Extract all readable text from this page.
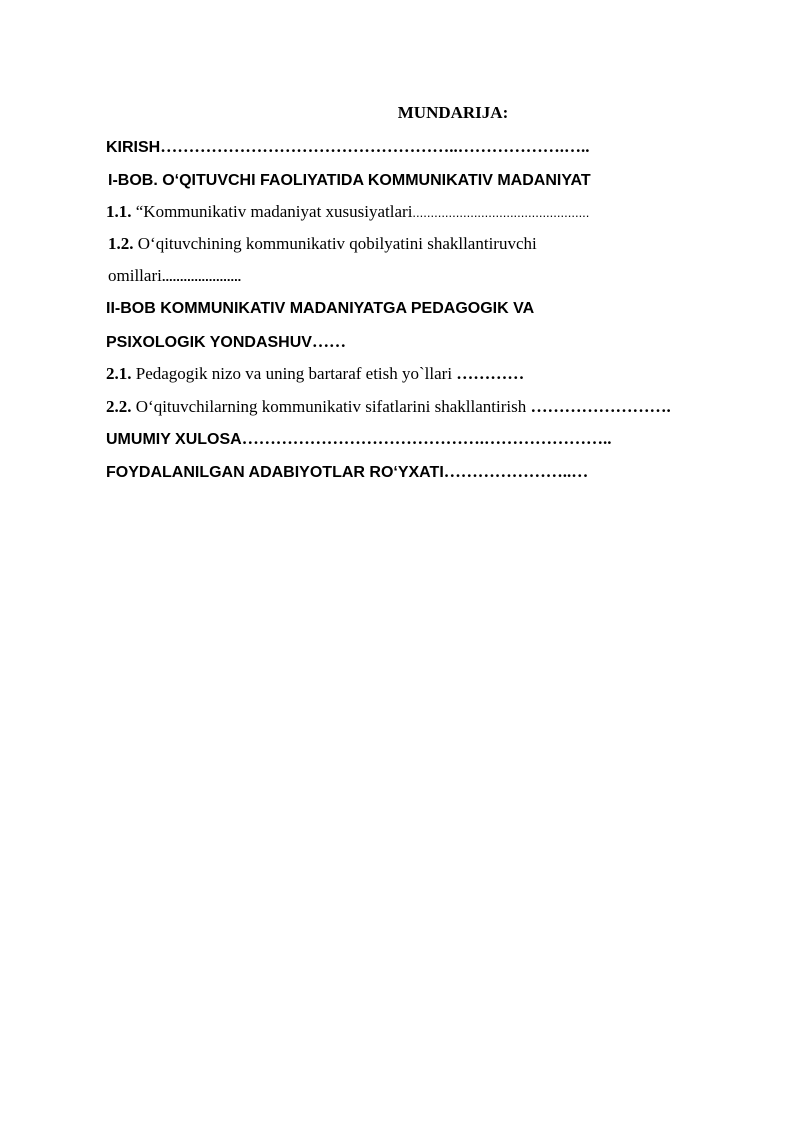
MUNDARIJA:
KIRISH……………………………………………..……………….…..
I-BOB. O‘QITUVCHI FAOLIYATIDA KOMMUNIKATIV MADANIYAT
1.1. “Kommunikativ madaniyat xususiyatlari.................................................
1.2. O‘qituvchining kommunikativ qobilyatini shakllantiruvchi
omillari......................
II-BOB KOMMUNIKATIV MADANIYATGA PEDAGOGIK VA
PSIXOLOGIK YONDASHUV……
2.1. Pedagogik nizo va uning bartaraf etish yo`llari …………
2.2. O‘qituvchilarning kommunikativ sifatlarini shakllantirish …………………….
UMUMIY XULOSA…………………………………….…………………..
FOYDALANILGAN ADABIYOTLAR RO‘YXATI…………………..…
